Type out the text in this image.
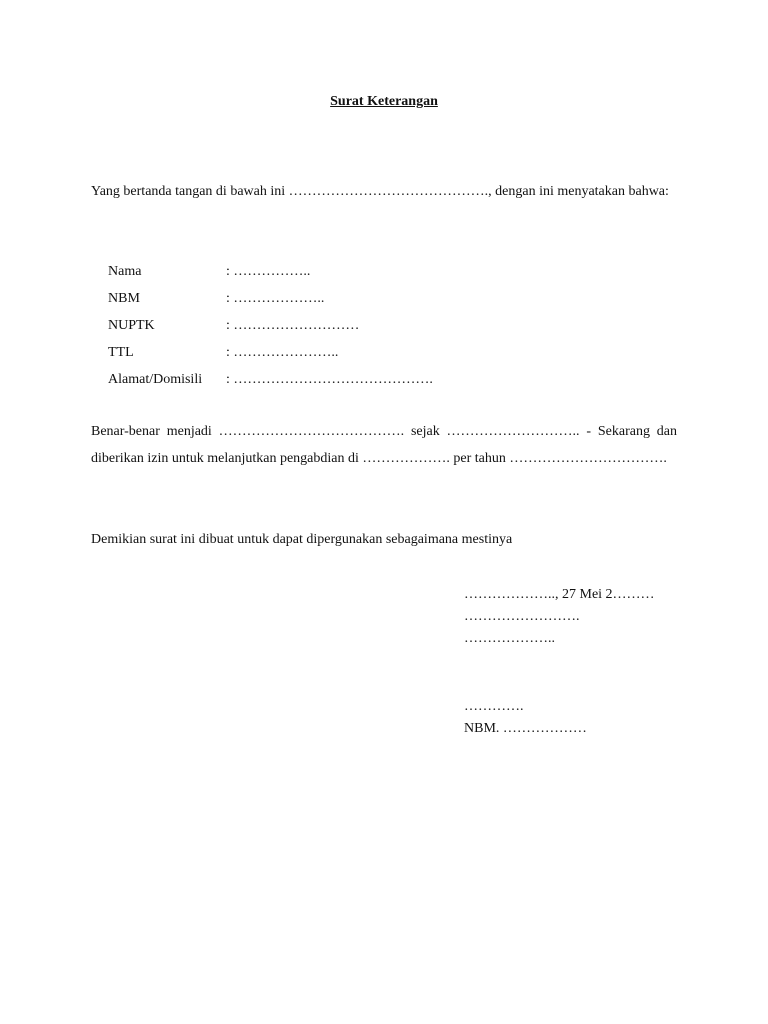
Surat Keterangan
Yang bertanda tangan di bawah ini ……………………………………., dengan ini menyatakan bahwa:
Nama	: ……………..
NBM	: ………………..
NUPTK	: ………………………
TTL	: …………………..
Alamat/Domisili : …………………………………….
Benar-benar menjadi …………………………………. sejak ……………………….. - Sekarang dan diberikan izin untuk melanjutkan pengabdian di ………………. per tahun …………………………….
Demikian surat ini dibuat untuk dapat dipergunakan sebagaimana mestinya
……………….., 27 Mei 2………
…………………….
………………..
………….
NBM. ………………
